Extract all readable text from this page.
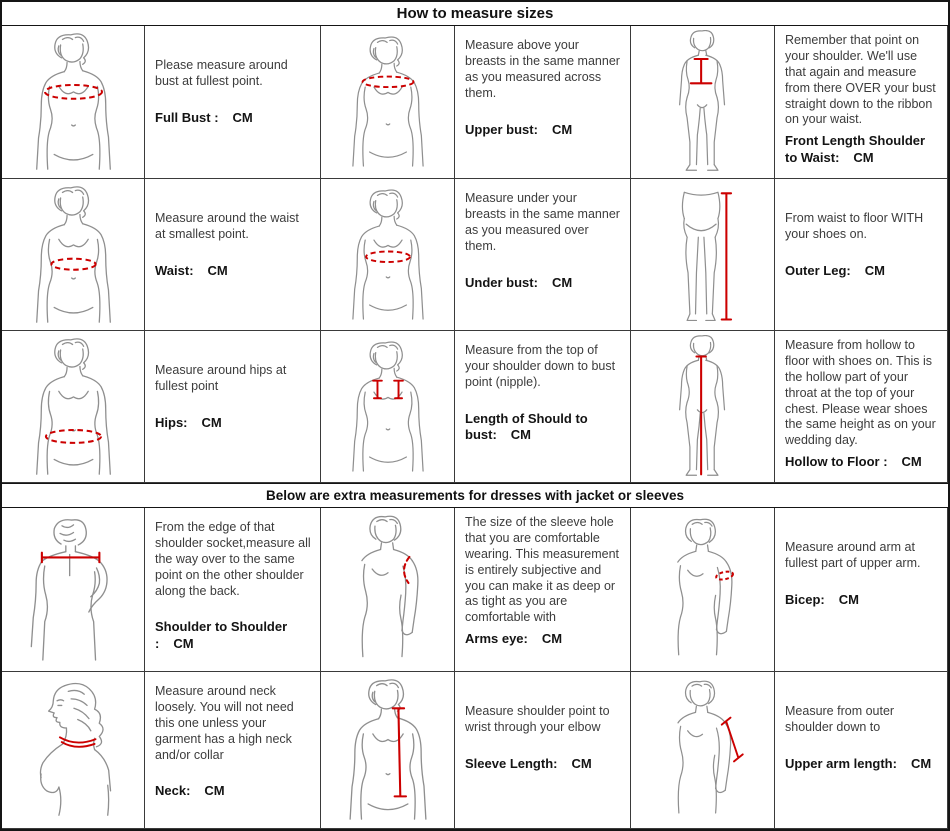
How to measure sizes

Please measure around bust at fullest point.

Full Bust : CM

Measure above your breasts in the same manner as you measured across them.

Upper bust: CM

Remember that point on your shoulder. We'll use that again and measure from there OVER your bust straight down to the ribbon on your waist.

Front Length Shoulder to Waist: CM

Measure around the waist at smallest point.

Waist: CM

Measure under your breasts in the same manner as you measured over them.

Under bust: CM

From waist to floor WITH your shoes on.

Outer Leg: CM

Measure around hips at fullest point

Hips: CM

Measure from the top of your shoulder down to bust point (nipple).

Length of Should to bust: CM

Measure from hollow to floor with shoes on. This is the hollow part of your throat at the top of your chest. Please wear shoes the same height as on your wedding day.

Hollow to Floor : CM

Below are extra measurements for dresses with jacket or sleeves

From the edge of that shoulder socket,measure all the way over to the same point on the other shoulder along the back.

Shoulder to Shoulder : CM

The size of the sleeve hole that you are comfortable wearing. This measurement is entirely subjective and you can make it as deep or as tight as you are comfortable with

Arms eye: CM

Measure around arm at fullest part of upper arm.

Bicep: CM

Measure around neck loosely. You will not need this one unless your garment has a high neck and/or collar

Neck: CM

Measure shoulder point to wrist through your elbow

Sleeve Length: CM

Measure from outer shoulder down to

Upper arm length: CM
